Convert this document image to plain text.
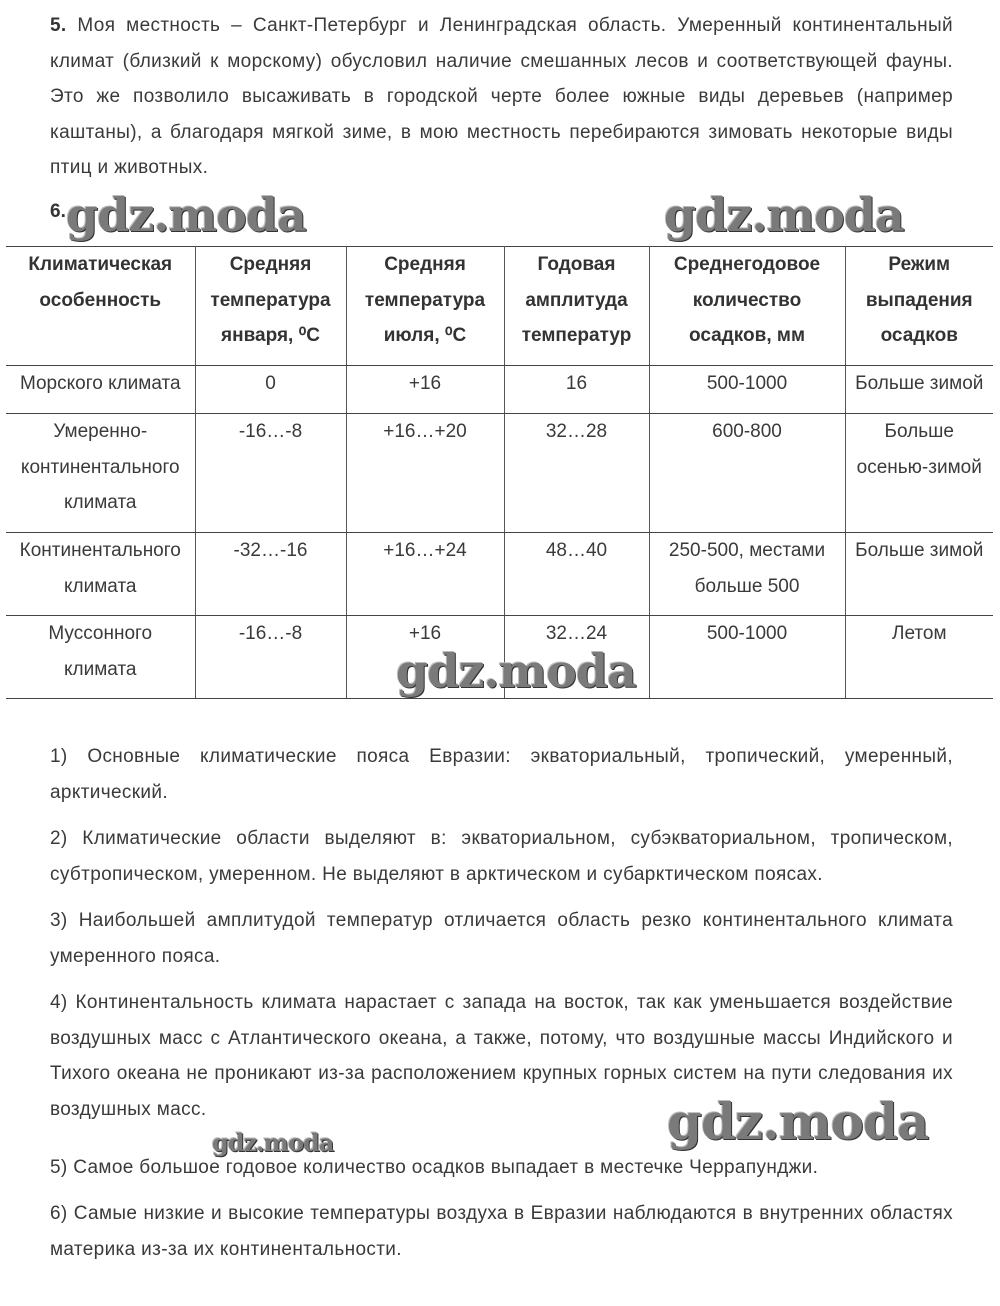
5. Моя местность – Санкт-Петербург и Ленинградская область. Умеренный континентальный климат (близкий к морскому) обусловил наличие смешанных лесов и соответствующей фауны. Это же позволило высаживать в городской черте более южные виды деревьев (например каштаны), а благодаря мягкой зиме, в мою местность перебираются зимовать некоторые виды птиц и животных.

6.
Климатическая особенность	Средняя температура января, ⁰С	Средняя температура июля, ⁰С	Годовая амплитуда температур	Среднегодовое количество осадков, мм	Режим выпадения осадков
Морского климата	0	+16	16	500-1000	Больше зимой
Умеренно-континентального климата	-16…-8	+16…+20	32…28	600-800	Больше осенью-зимой
Континентального климата	-32…-16	+16…+24	48…40	250-500, местами больше 500	Больше зимой
Муссонного климата	-16…-8	+16	32…24	500-1000	Летом

1) Основные климатические пояса Евразии: экваториальный, тропический, умеренный, арктический.

2) Климатические области выделяют в: экваториальном, субэкваториальном, тропическом, субтропическом, умеренном. Не выделяют в арктическом и субарктическом поясах.

3) Наибольшей амплитудой температур отличается область резко континентального климата умеренного пояса.

4) Континентальность климата нарастает с запада на восток, так как уменьшается воздействие воздушных масс с Атлантического океана, а также, потому, что воздушные массы Индийского и Тихого океана не проникают из-за расположением крупных горных систем на пути следования их воздушных масс.

5) Самое большое годовое количество осадков выпадает в местечке Черрапунджи.

6) Самые низкие и высокие температуры воздуха в Евразии наблюдаются в внутренних областях материка из-за их континентальности.

gdz.moda	gdz.moda
gdz.moda
gdz.moda
gdz.moda
